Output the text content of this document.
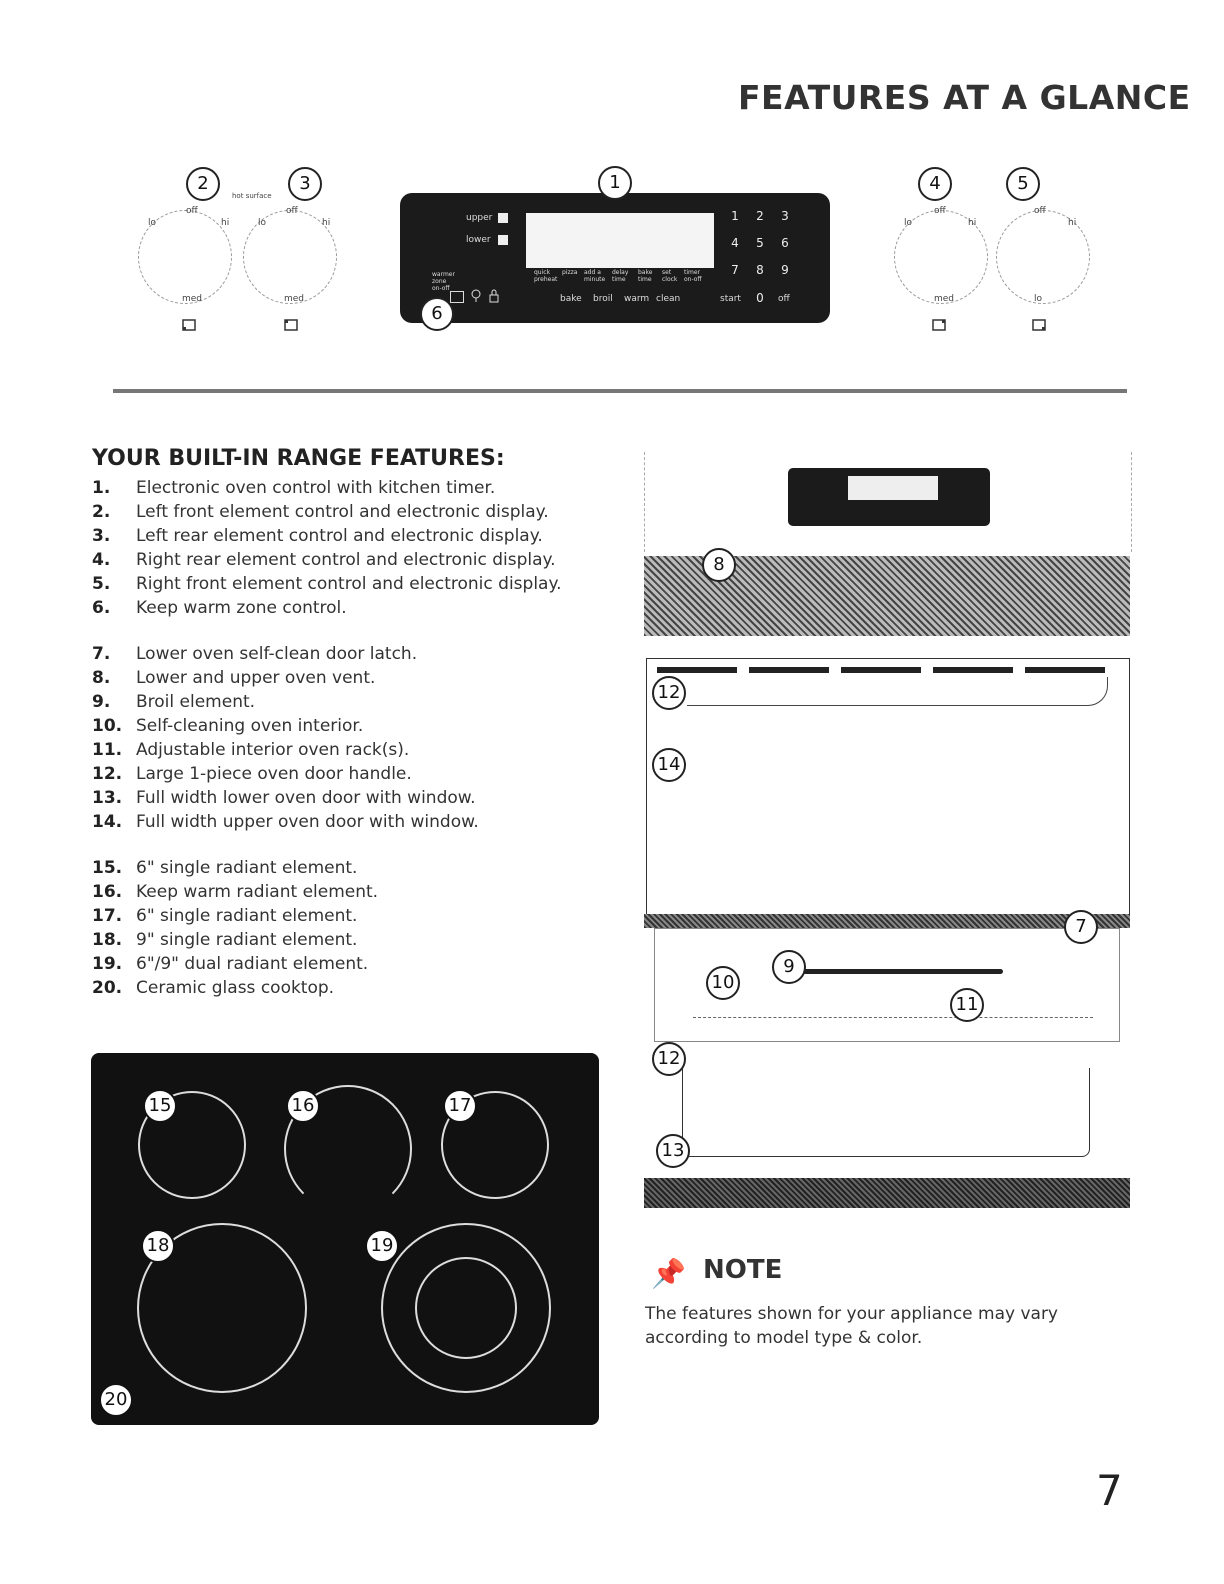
FEATURES AT A GLANCE
off	off
lo	hi	lo	hi
med	med
hot surface
2	3
upper
lower
1	2	3
4	5	6
7	8	9
start	0	off
quick preheat
pizza add a minute
delay time
bake time
set clock
timer on-off
bake broil warm clean
warmer zone on-off
1
6
off	off
lo	hi	hi
med	lo
4	5
YOUR BUILT-IN RANGE FEATURES:
1. Electronic oven control with kitchen timer.
2. Left front element control and electronic display.
3. Left rear element control and electronic display.
4. Right rear element control and electronic display.
5. Right front element control and electronic display.
6. Keep warm zone control.
7. Lower oven self-clean door latch.
8. Lower and upper oven vent.
9. Broil element.
10. Self-cleaning oven interior.
11. Adjustable interior oven rack(s).
12. Large 1-piece oven door handle.
13. Full width lower oven door with window.
14. Full width upper oven door with window.
15. 6" single radiant element.
16. Keep warm radiant element.
17. 6" single radiant element.
18. 9" single radiant element.
19. 6"/9" dual radiant element.
20. Ceramic glass cooktop.
15	16	17
18	19
20
8
12
14
7
9
10
11
12
13
📌 NOTE
The features shown for your appliance may vary according to model type & color.
7
